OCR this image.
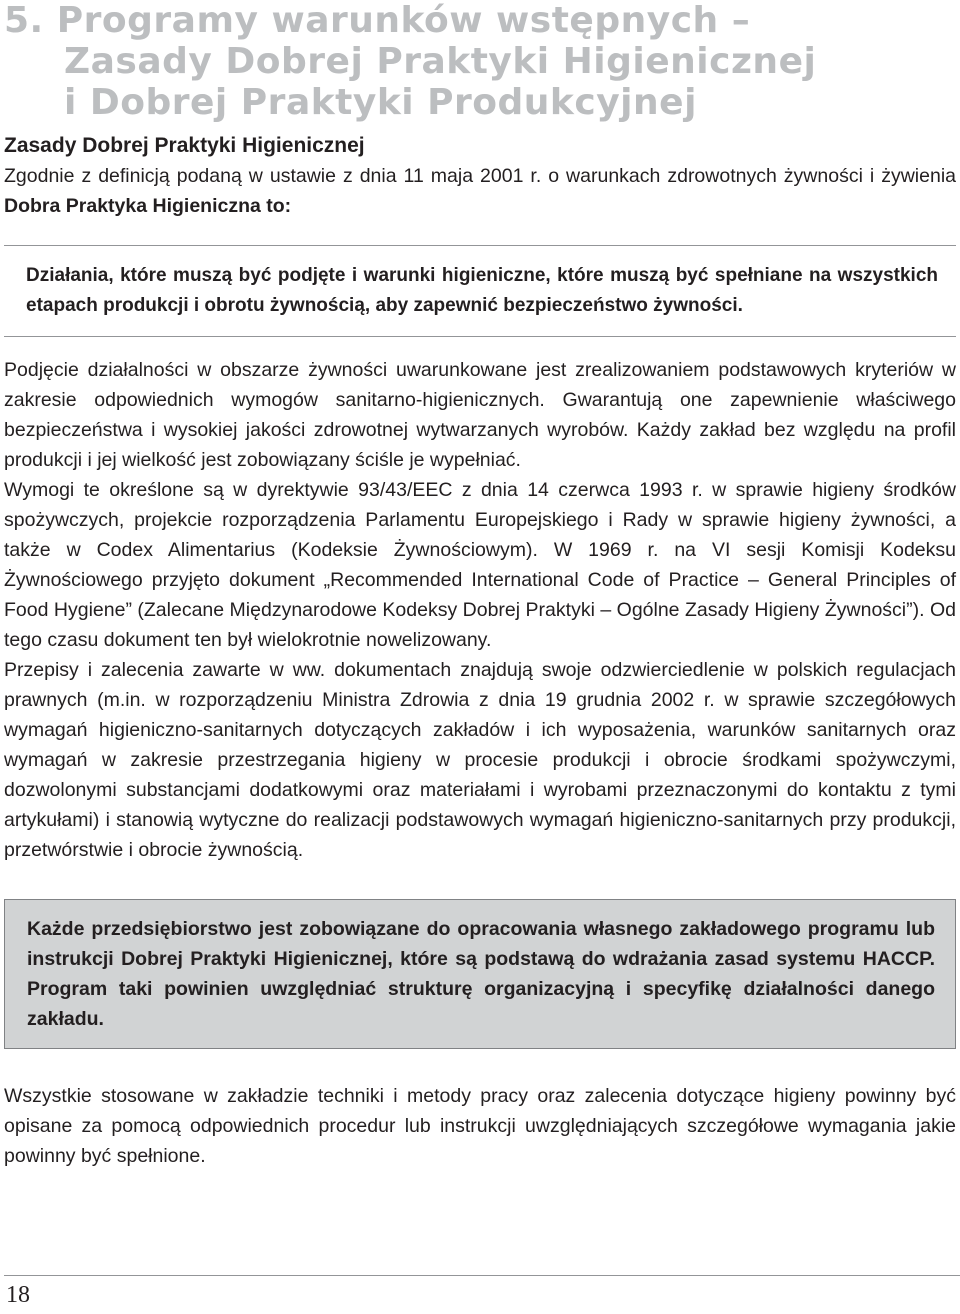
5. Programy warunków wstępnych –
Zasady Dobrej Praktyki Higienicznej
i Dobrej Praktyki Produkcyjnej
Zasady Dobrej Praktyki Higienicznej

Zgodnie z definicją podaną w ustawie z dnia 11 maja 2001 r. o warunkach zdrowotnych żywności i żywienia Dobra Praktyka Higieniczna to:

Działania, które muszą być podjęte i warunki higieniczne, które muszą być spełniane na wszystkich etapach produkcji i obrotu żywnością, aby zapewnić bezpieczeństwo żywności.

Podjęcie działalności w obszarze żywności uwarunkowane jest zrealizowaniem podstawowych kryteriów w zakresie odpowiednich wymogów sanitarno-higienicznych. Gwarantują one zapewnienie właściwego bezpieczeństwa i wysokiej jakości zdrowotnej wytwarzanych wyrobów. Każdy zakład bez względu na profil produkcji i jej wielkość jest zobowiązany ściśle je wypełniać.

Wymogi te określone są w dyrektywie 93/43/EEC z dnia 14 czerwca 1993 r. w sprawie higieny środków spożywczych, projekcie rozporządzenia Parlamentu Europejskiego i Rady w sprawie higieny żywności, a także w Codex Alimentarius (Kodeksie Żywnościowym). W 1969 r. na VI sesji Komisji Kodeksu Żywnościowego przyjęto dokument „Recommended International Code of Practice – General Principles of Food Hygiene” (Zalecane Międzynarodowe Kodeksy Dobrej Praktyki – Ogólne Zasady Higieny Żywności”). Od tego czasu dokument ten był wielokrotnie nowelizowany.

Przepisy i zalecenia zawarte w ww. dokumentach znajdują swoje odzwierciedlenie w polskich regulacjach prawnych (m.in. w rozporządzeniu Ministra Zdrowia z dnia 19 grudnia 2002 r. w sprawie szczegółowych wymagań higieniczno-sanitarnych dotyczących zakładów i ich wyposażenia, warunków sanitarnych oraz wymagań w zakresie przestrzegania higieny w procesie produkcji i obrocie środkami spożywczymi, dozwolonymi substancjami dodatkowymi oraz materiałami i wyrobami przeznaczonymi do kontaktu z tymi artykułami) i stanowią wytyczne do realizacji podstawowych wymagań higieniczno-sanitarnych przy produkcji, przetwórstwie i obrocie żywnością.

Każde przedsiębiorstwo jest zobowiązane do opracowania własnego zakładowego programu lub instrukcji Dobrej Praktyki Higienicznej, które są podstawą do wdrażania zasad systemu HACCP. Program taki powinien uwzględniać strukturę organizacyjną i specyfikę działalności danego zakładu.

Wszystkie stosowane w zakładzie techniki i metody pracy oraz zalecenia dotyczące higieny powinny być opisane za pomocą odpowiednich procedur lub instrukcji uwzględniających szczegółowe wymagania jakie powinny być spełnione.

18
